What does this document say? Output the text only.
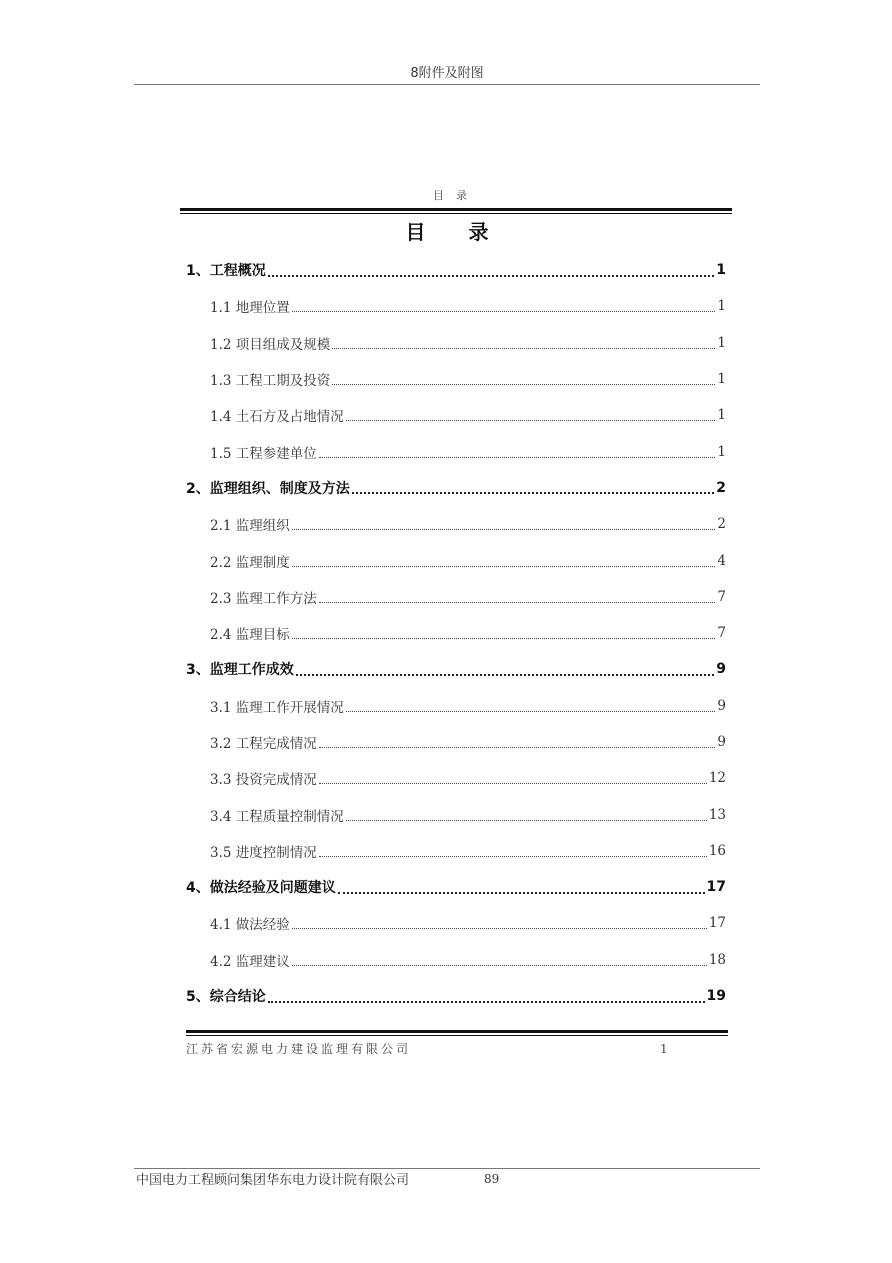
8附件及附图
目录
目 录
1、工程概况	1
1.1 地理位置	1
1.2 项目组成及规模	1
1.3 工程工期及投资	1
1.4 土石方及占地情况	1
1.5 工程参建单位	1
2、监理组织、制度及方法	2
2.1 监理组织	2
2.2 监理制度	4
2.3 监理工作方法	7
2.4 监理目标	7
3、监理工作成效	9
3.1 监理工作开展情况	9
3.2 工程完成情况	9
3.3 投资完成情况	12
3.4 工程质量控制情况	13
3.5 进度控制情况	16
4、做法经验及问题建议	17
4.1 做法经验	17
4.2 监理建议	18
5、综合结论	19
江苏省宏源电力建设监理有限公司	1
中国电力工程顾问集团华东电力设计院有限公司	89
